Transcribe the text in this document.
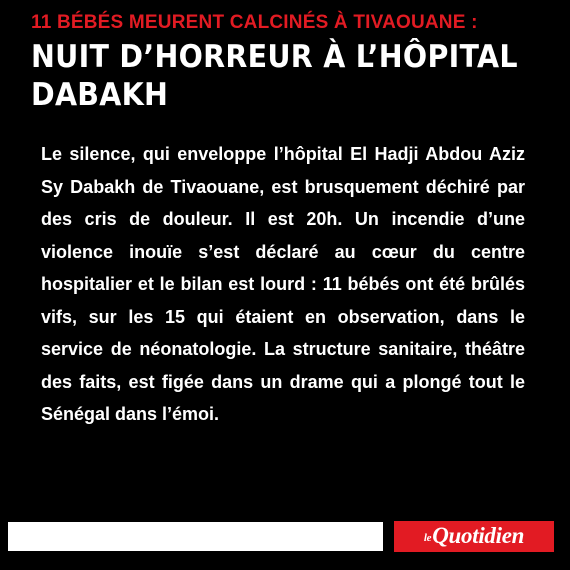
11 BÉBÉS MEURENT CALCINÉS À TIVAOUANE :
NUIT D’HORREUR À L’HÔPITAL
DABAKH
Le silence, qui enveloppe l’hôpital El Hadji Abdou Aziz Sy Dabakh de Tivaouane, est brusquement déchiré par des cris de douleur. Il est 20h. Un incendie d’une violence inouïe s’est déclaré au cœur du centre hospitalier et le bilan est lourd : 11 bébés ont été brûlés vifs, sur les 15 qui étaient en observation, dans le service de néonatologie. La structure sanitaire, théâtre des faits, est figée dans un drame qui a plongé tout le Sénégal dans l’émoi.
leQuotidien
